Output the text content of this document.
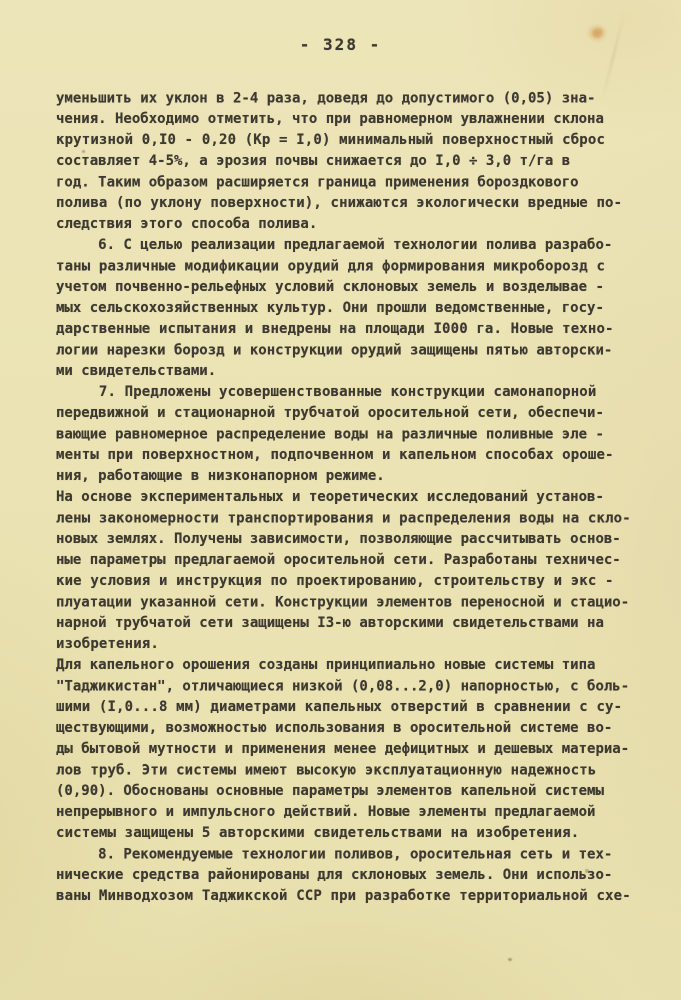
- 328 -
уменьшить их уклон в 2-4 раза, доведя до допустимого (0,05) зна-
чения. Необходимо отметить, что при равномерном увлажнении склона
крутизной 0,I0 - 0,20 (Кр = I,0) минимальный поверхностный сброс
составляет 4-5%, а эрозия почвы снижается до I,0 ÷ 3,0 т/га в
год. Таким образом расширяется граница применения бороздкового
полива (по уклону поверхности), снижаются экологически вредные по-
следствия этого способа полива.
6. С целью реализации предлагаемой технологии полива разрабо-
таны различные модификации орудий для формирования микроборозд с
учетом почвенно-рельефных условий склоновых земель и возделывае -
мых сельскохозяйственных культур. Они прошли ведомственные, госу-
дарственные испытания и внедрены на площади I000 га. Новые техно-
логии нарезки борозд и конструкции орудий защищены пятью авторски-
ми свидетельствами.
7. Предложены усовершенствованные конструкции самонапорной
передвижной и стационарной трубчатой оросительной сети, обеспечи-
вающие равномерное распределение воды на различные поливные эле -
менты при поверхностном, подпочвенном и капельном способах ороше-
ния, работающие в низконапорном режиме.
На основе экспериментальных и теоретических исследований установ-
лены закономерности транспортирования и распределения воды на скло-
новых землях. Получены зависимости, позволяющие рассчитывать основ-
ные параметры предлагаемой оросительной сети. Разработаны техничес-
кие условия и инструкция по проектированию, строительству и экс -
плуатации указанной сети. Конструкции элементов переносной и стацио-
нарной трубчатой сети защищены I3-ю авторскими свидетельствами на
изобретения.
Для капельного орошения созданы принципиально новые системы типа
"Таджикистан", отличающиеся низкой (0,08...2,0) напорностью, с боль-
шими (I,0...8 мм) диаметрами капельных отверстий в сравнении с су-
ществующими, возможностью использования в оросительной системе во-
ды бытовой мутности и применения менее дефицитных и дешевых материа-
лов труб. Эти системы имеют высокую эксплуатационную надежность
(0,90). Обоснованы основные параметры элементов капельной системы
непрерывного и импульсного действий. Новые элементы предлагаемой
системы защищены 5 авторскими свидетельствами на изобретения.
8. Рекомендуемые технологии поливов, оросительная сеть и тех-
нические средства районированы для склоновых земель. Они использо-
ваны Минводхозом Таджикской ССР при разработке территориальной схе-
